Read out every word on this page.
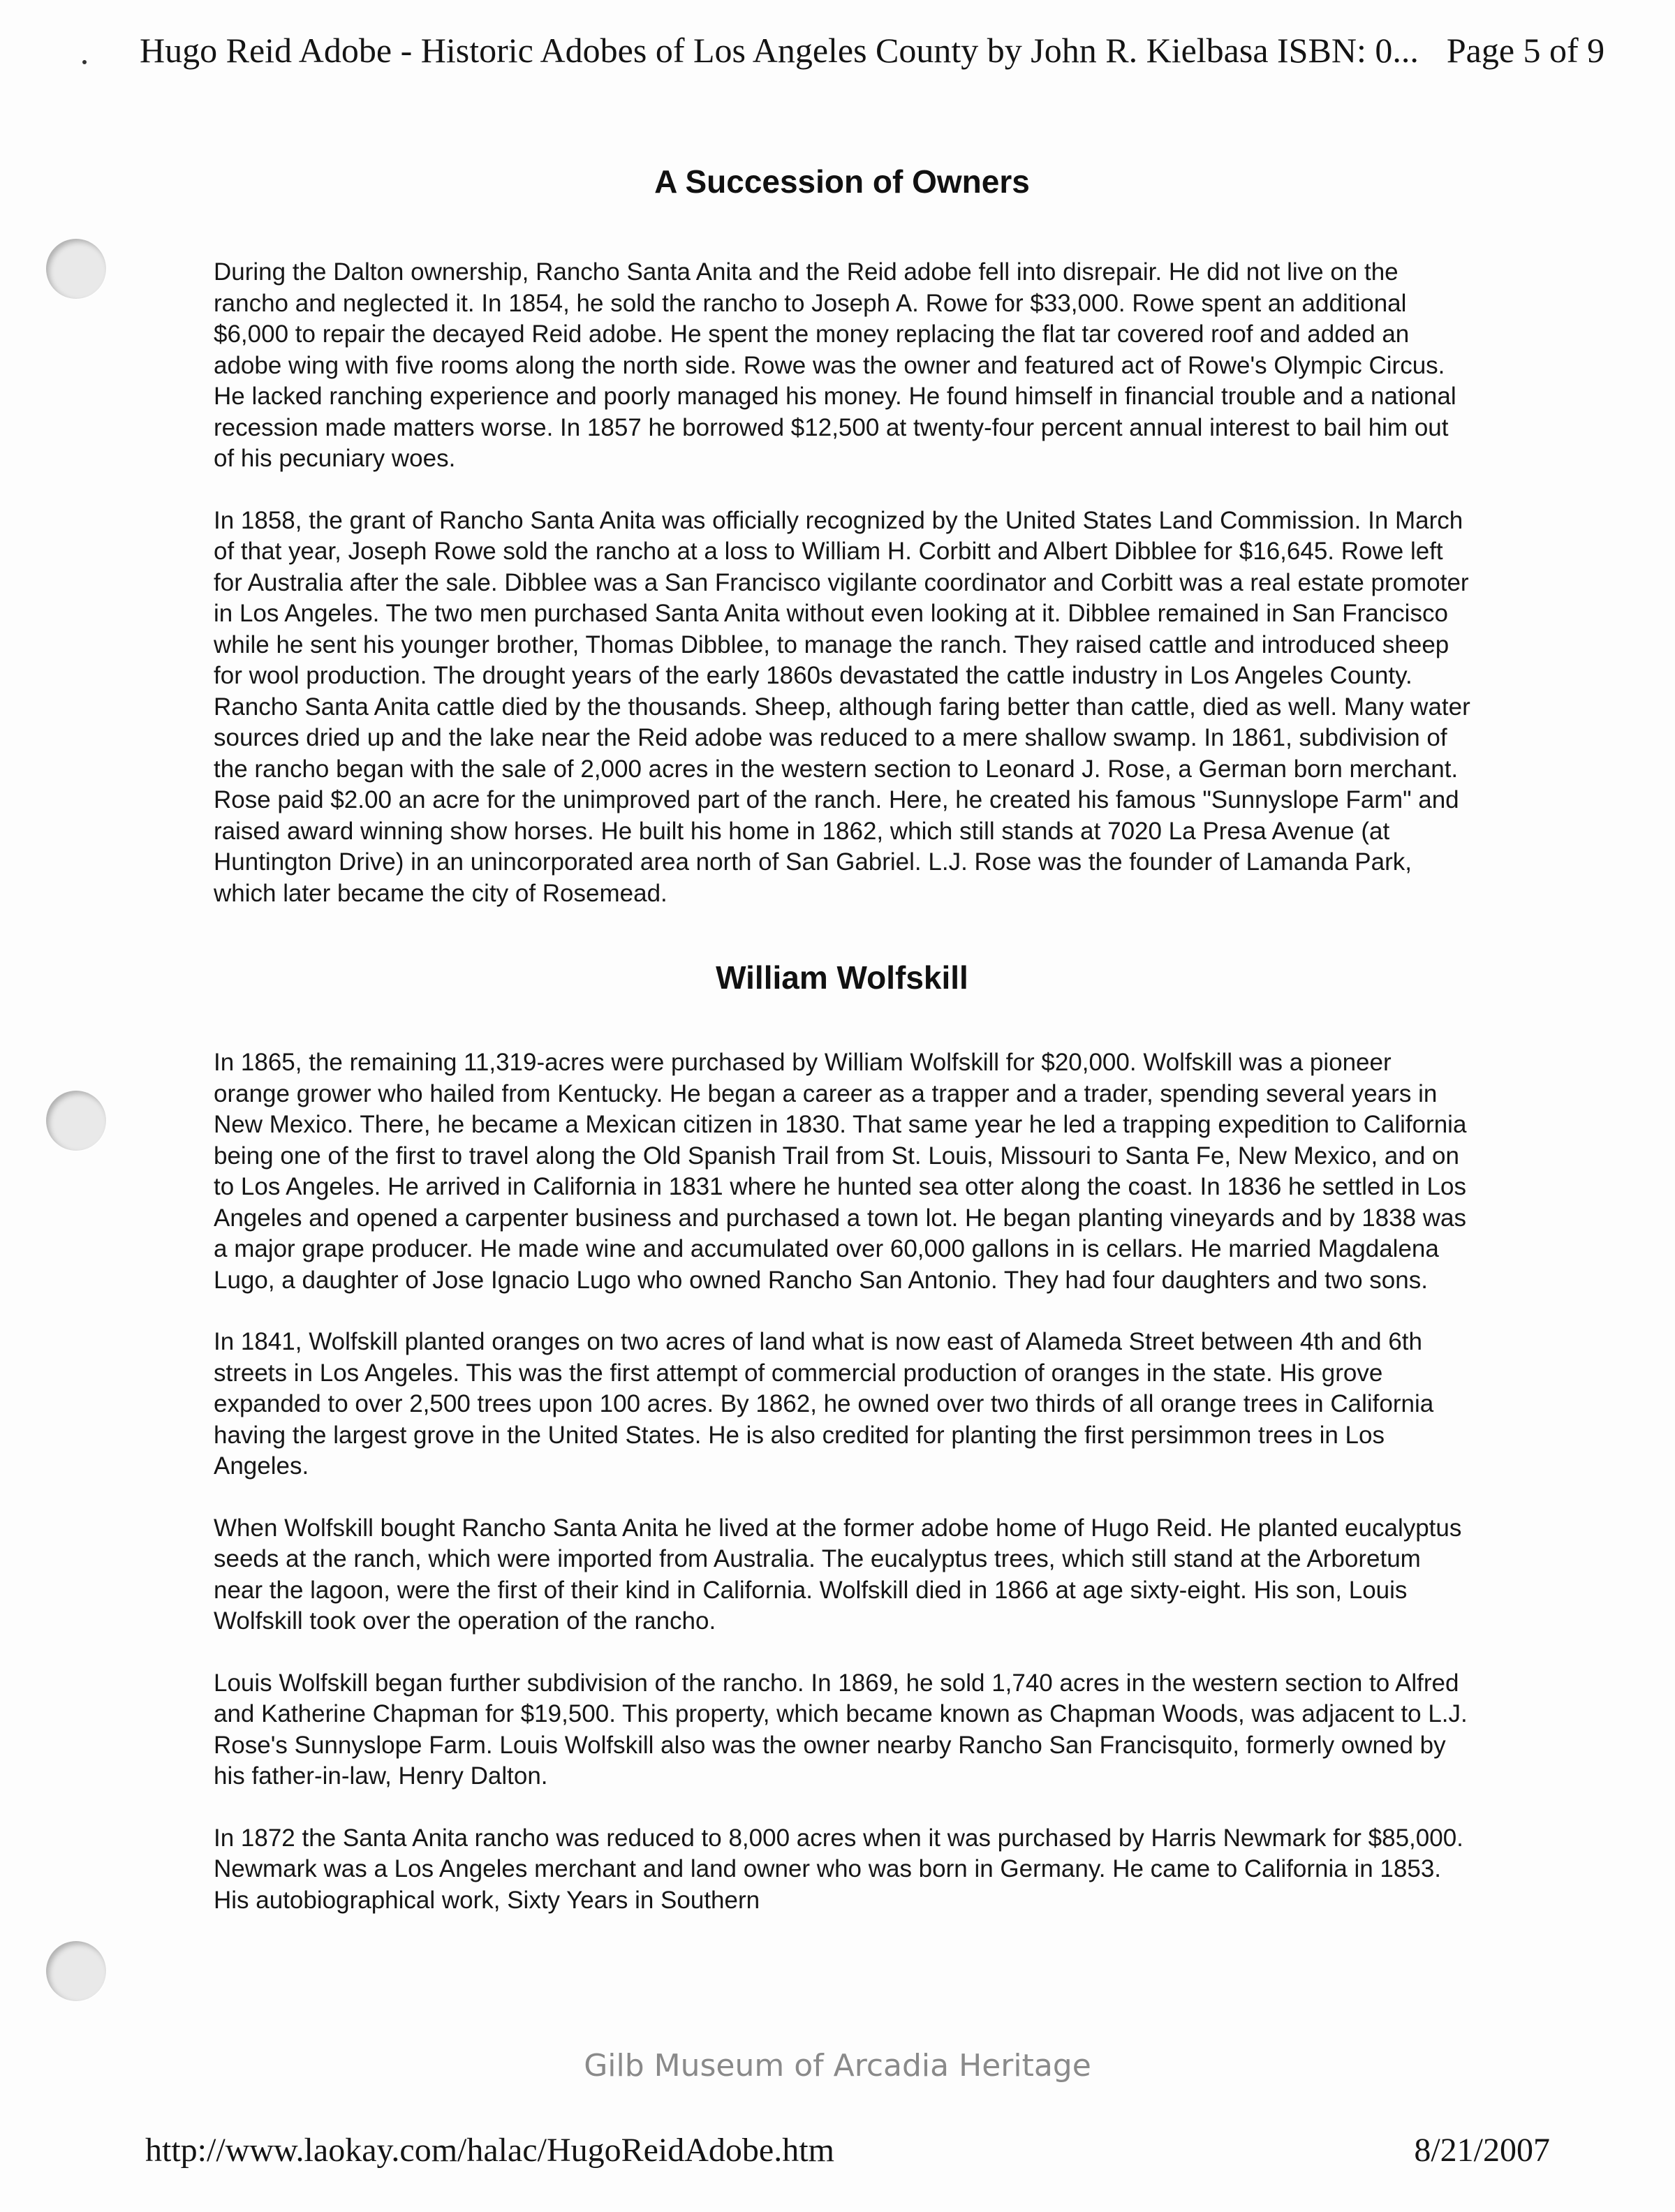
Hugo Reid Adobe - Historic Adobes of Los Angeles County by John R. Kielbasa ISBN: 0... Page 5 of 9
A Succession of Owners

During the Dalton ownership, Rancho Santa Anita and the Reid adobe fell into disrepair. He did not live on the rancho and neglected it. In 1854, he sold the rancho to Joseph A. Rowe for $33,000. Rowe spent an additional $6,000 to repair the decayed Reid adobe. He spent the money replacing the flat tar covered roof and added an adobe wing with five rooms along the north side. Rowe was the owner and featured act of Rowe's Olympic Circus. He lacked ranching experience and poorly managed his money. He found himself in financial trouble and a national recession made matters worse. In 1857 he borrowed $12,500 at twenty-four percent annual interest to bail him out of his pecuniary woes.

In 1858, the grant of Rancho Santa Anita was officially recognized by the United States Land Commission. In March of that year, Joseph Rowe sold the rancho at a loss to William H. Corbitt and Albert Dibblee for $16,645. Rowe left for Australia after the sale. Dibblee was a San Francisco vigilante coordinator and Corbitt was a real estate promoter in Los Angeles. The two men purchased Santa Anita without even looking at it. Dibblee remained in San Francisco while he sent his younger brother, Thomas Dibblee, to manage the ranch. They raised cattle and introduced sheep for wool production. The drought years of the early 1860s devastated the cattle industry in Los Angeles County. Rancho Santa Anita cattle died by the thousands. Sheep, although faring better than cattle, died as well. Many water sources dried up and the lake near the Reid adobe was reduced to a mere shallow swamp. In 1861, subdivision of the rancho began with the sale of 2,000 acres in the western section to Leonard J. Rose, a German born merchant. Rose paid $2.00 an acre for the unimproved part of the ranch. Here, he created his famous "Sunnyslope Farm" and raised award winning show horses. He built his home in 1862, which still stands at 7020 La Presa Avenue (at Huntington Drive) in an unincorporated area north of San Gabriel. L.J. Rose was the founder of Lamanda Park, which later became the city of Rosemead.

William Wolfskill

In 1865, the remaining 11,319-acres were purchased by William Wolfskill for $20,000. Wolfskill was a pioneer orange grower who hailed from Kentucky. He began a career as a trapper and a trader, spending several years in New Mexico. There, he became a Mexican citizen in 1830. That same year he led a trapping expedition to California being one of the first to travel along the Old Spanish Trail from St. Louis, Missouri to Santa Fe, New Mexico, and on to Los Angeles. He arrived in California in 1831 where he hunted sea otter along the coast. In 1836 he settled in Los Angeles and opened a carpenter business and purchased a town lot. He began planting vineyards and by 1838 was a major grape producer. He made wine and accumulated over 60,000 gallons in is cellars. He married Magdalena Lugo, a daughter of Jose Ignacio Lugo who owned Rancho San Antonio. They had four daughters and two sons.

In 1841, Wolfskill planted oranges on two acres of land what is now east of Alameda Street between 4th and 6th streets in Los Angeles. This was the first attempt of commercial production of oranges in the state. His grove expanded to over 2,500 trees upon 100 acres. By 1862, he owned over two thirds of all orange trees in California having the largest grove in the United States. He is also credited for planting the first persimmon trees in Los Angeles.

When Wolfskill bought Rancho Santa Anita he lived at the former adobe home of Hugo Reid. He planted eucalyptus seeds at the ranch, which were imported from Australia. The eucalyptus trees, which still stand at the Arboretum near the lagoon, were the first of their kind in California. Wolfskill died in 1866 at age sixty-eight. His son, Louis Wolfskill took over the operation of the rancho.

Louis Wolfskill began further subdivision of the rancho. In 1869, he sold 1,740 acres in the western section to Alfred and Katherine Chapman for $19,500. This property, which became known as Chapman Woods, was adjacent to L.J. Rose's Sunnyslope Farm. Louis Wolfskill also was the owner nearby Rancho San Francisquito, formerly owned by his father-in-law, Henry Dalton.

In 1872 the Santa Anita rancho was reduced to 8,000 acres when it was purchased by Harris Newmark for $85,000. Newmark was a Los Angeles merchant and land owner who was born in Germany. He came to California in 1853. His autobiographical work, Sixty Years in Southern

Gilb Museum of Arcadia Heritage
http://www.laokay.com/halac/HugoReidAdobe.htm	8/21/2007
